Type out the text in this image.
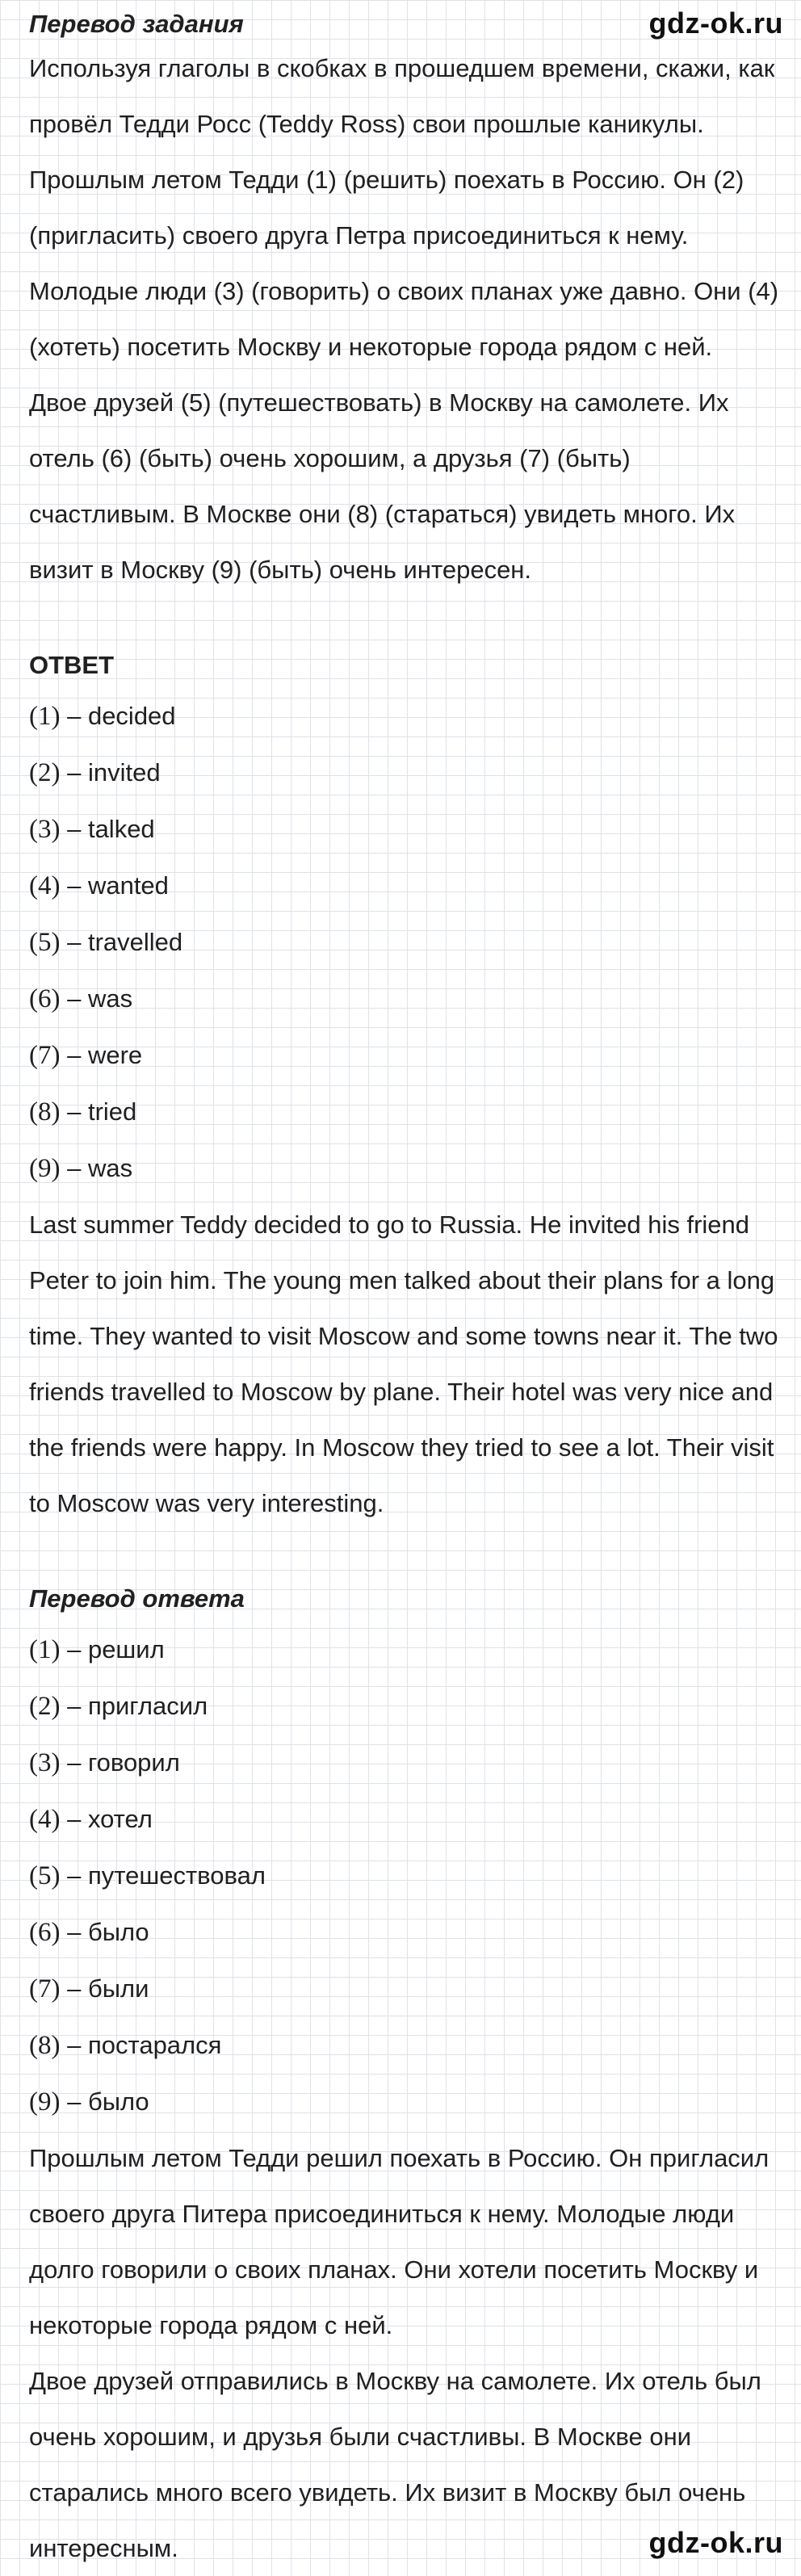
gdz-ok.ru
Перевод задания

Используя глаголы в скобках в прошедшем времени, скажи, как провёл Тедди Росс (Teddy Ross) свои прошлые каникулы.

Прошлым летом Тедди (1) (решить) поехать в Россию. Он (2) (пригласить) своего друга Петра присоединиться к нему. Молодые люди (3) (говорить) о своих планах уже давно. Они (4) (хотеть) посетить Москву и некоторые города рядом с ней.

Двое друзей (5) (путешествовать) в Москву на самолете. Их отель (6) (быть) очень хорошим, а друзья (7) (быть) счастливым. В Москве они (8) (стараться) увидеть много. Их визит в Москву (9) (быть) очень интересен.

ОТВЕТ
(1) – decided
(2) – invited
(3) – talked
(4) – wanted
(5) – travelled
(6) – was
(7) – were
(8) – tried
(9) – was

Last summer Teddy decided to go to Russia. He invited his friend Peter to join him. The young men talked about their plans for a long time. They wanted to visit Moscow and some towns near it. The two friends travelled to Moscow by plane. Their hotel was very nice and the friends were happy. In Moscow they tried to see a lot. Their visit to Moscow was very interesting.

Перевод ответа
(1) – решил
(2) – пригласил
(3) – говорил
(4) – хотел
(5) – путешествовал
(6) – было
(7) – были
(8) – постарался
(9) – было

Прошлым летом Тедди решил поехать в Россию. Он пригласил своего друга Питера присоединиться к нему. Молодые люди долго говорили о своих планах. Они хотели посетить Москву и некоторые города рядом с ней.

Двое друзей отправились в Москву на самолете. Их отель был очень хорошим, и друзья были счастливы. В Москве они старались много всего увидеть. Их визит в Москву был очень интересным.	gdz-ok.ru
